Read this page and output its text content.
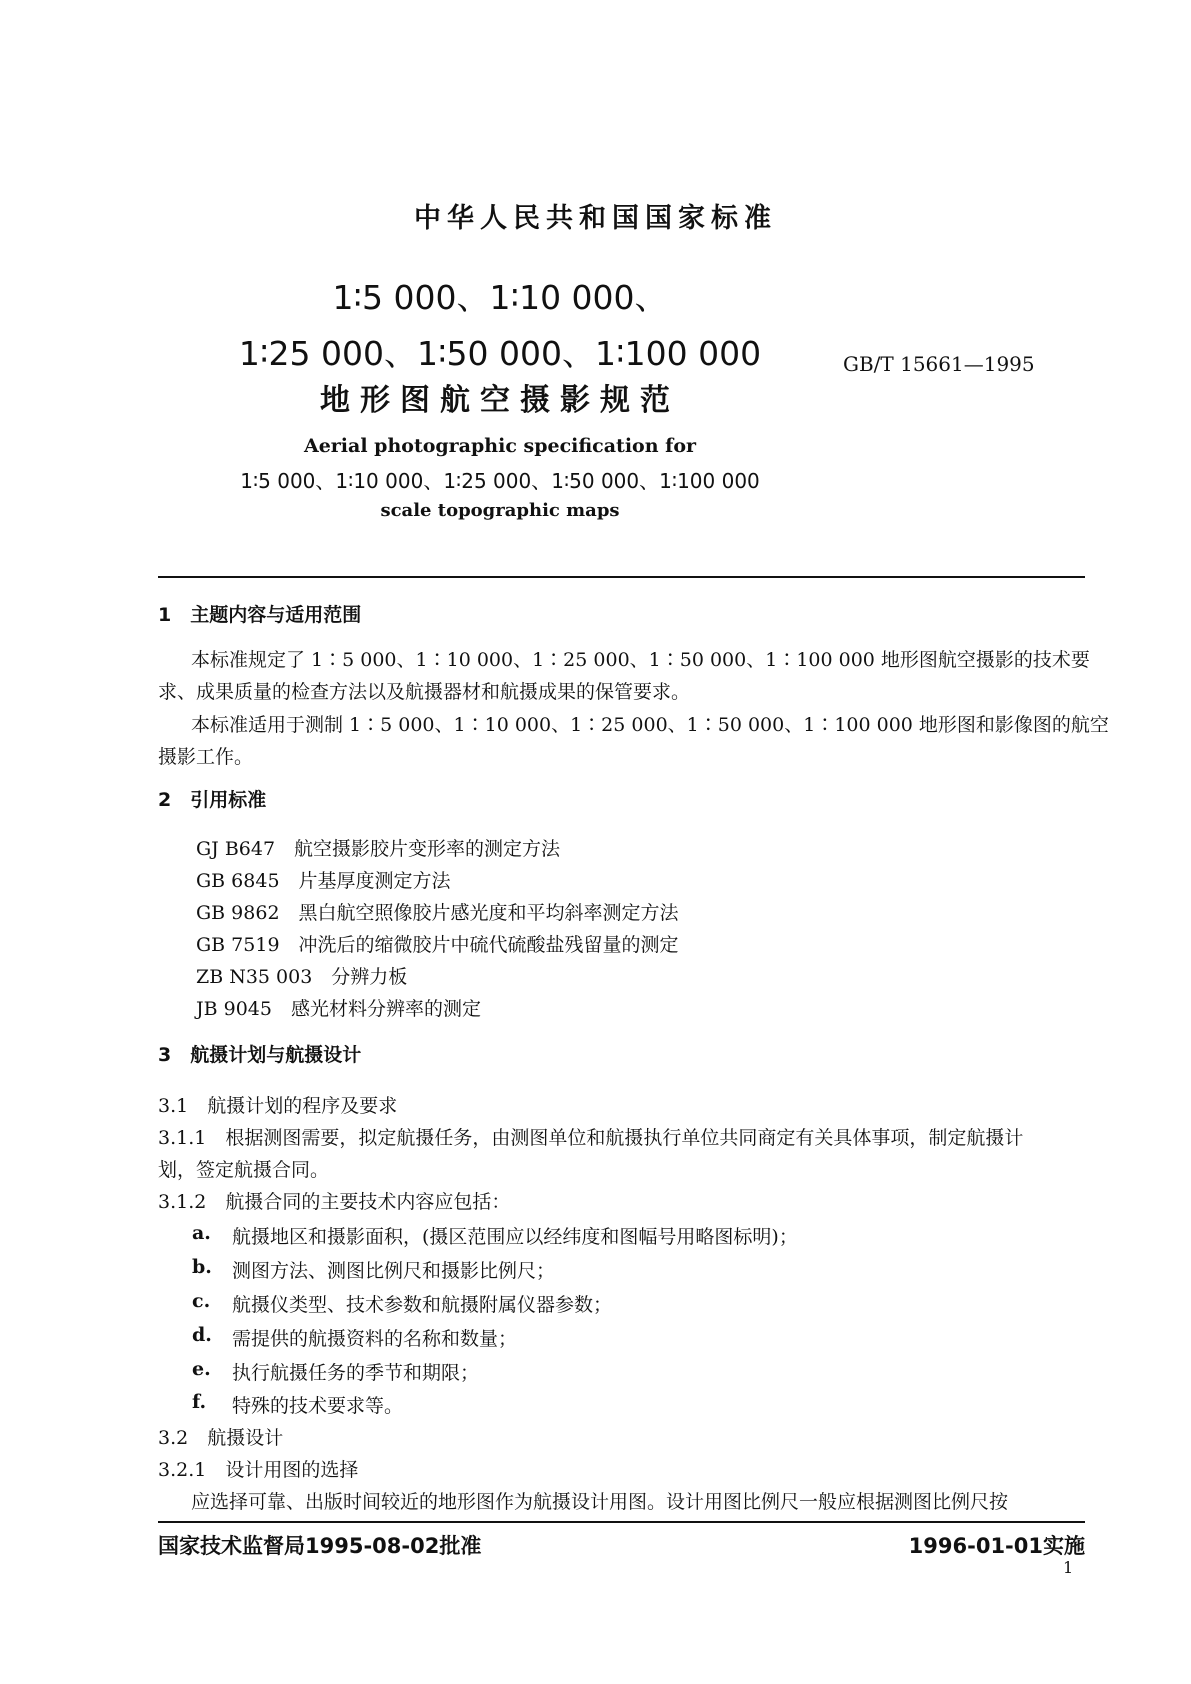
中华人民共和国国家标准
1∶5 000、1∶10 000、
1∶25 000、1∶50 000、1∶100 000
地形图航空摄影规范
GB/T 15661—1995
Aerial photographic specification for
1∶5 000、1∶10 000、1∶25 000、1∶50 000、1∶100 000
scale topographic maps
1　主题内容与适用范围
本标准规定了 1∶5 000、1∶10 000、1∶25 000、1∶50 000、1∶100 000 地形图航空摄影的技术要
求、成果质量的检查方法以及航摄器材和航摄成果的保管要求。
本标准适用于测制 1∶5 000、1∶10 000、1∶25 000、1∶50 000、1∶100 000 地形图和影像图的航空
摄影工作。
2　引用标准
GJ B647　航空摄影胶片变形率的测定方法
GB 6845　片基厚度测定方法
GB 9862　黑白航空照像胶片感光度和平均斜率测定方法
GB 7519　冲洗后的缩微胶片中硫代硫酸盐残留量的测定
ZB N35 003　分辨力板
JB 9045　感光材料分辨率的测定
3　航摄计划与航摄设计
3.1　航摄计划的程序及要求
3.1.1　根据测图需要，拟定航摄任务，由测图单位和航摄执行单位共同商定有关具体事项，制定航摄计
划，签定航摄合同。
3.1.2　航摄合同的主要技术内容应包括：
a. 航摄地区和摄影面积，(摄区范围应以经纬度和图幅号用略图标明)；
b. 测图方法、测图比例尺和摄影比例尺；
c. 航摄仪类型、技术参数和航摄附属仪器参数；
d. 需提供的航摄资料的名称和数量；
e. 执行航摄任务的季节和期限；
f. 特殊的技术要求等。
3.2　航摄设计
3.2.1　设计用图的选择
应选择可靠、出版时间较近的地形图作为航摄设计用图。设计用图比例尺一般应根据测图比例尺按
国家技术监督局1995-08-02批准	1996-01-01实施
1
